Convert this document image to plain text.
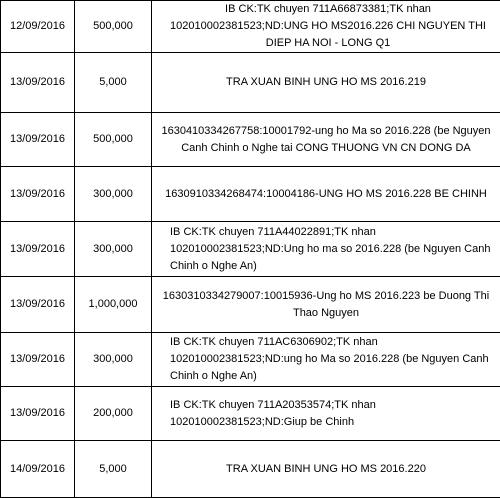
12/09/2016	500,000	IB CK:TK chuyen 711A66873381;TK nhan 102010002381523;ND:UNG HO MS2016.226 CHI NGUYEN THI DIEP HA NOI - LONG Q1
13/09/2016	5,000	TRA XUAN BINH UNG HO MS 2016.219
13/09/2016	500,000	1630410334267758:10001792-ung ho Ma so 2016.228 (be Nguyen Canh Chinh o Nghe tai CONG THUONG VN CN DONG DA
13/09/2016	300,000	1630910334268474:10004186-UNG HO MS 2016.228 BE CHINH
13/09/2016	300,000	IB CK:TK chuyen 711A44022891;TK nhan 102010002381523;ND:Ung ho ma so 2016.228 (be Nguyen Canh Chinh o Nghe An)
13/09/2016	1,000,000	1630310334279007:10015936-Ung ho MS 2016.223 be Duong Thi Thao Nguyen
13/09/2016	300,000	IB CK:TK chuyen 711AC6306902;TK nhan 102010002381523;ND:ung ho Ma so 2016.228 (be Nguyen Canh Chinh o Nghe An)
13/09/2016	200,000	IB CK:TK chuyen 711A20353574;TK nhan 102010002381523;ND:Giup be Chinh
14/09/2016	5,000	TRA XUAN BINH UNG HO MS 2016.220
